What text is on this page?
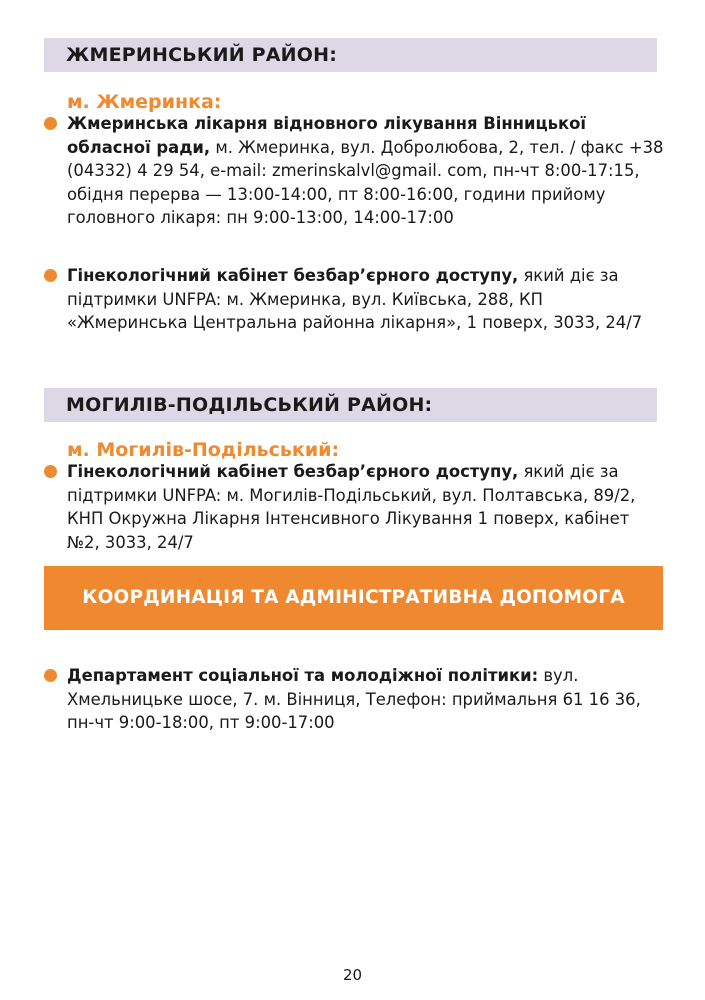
ЖМЕРИНСЬКИЙ РАЙОН:
м. Жмеринка:
Жмеринська лікарня відновного лікування Вінницької обласної ради, м. Жмеринка, вул. Добролюбова, 2, тел. / факс +38 (04332) 4 29 54, e-mail: zmerinskalvl@gmail. com, пн-чт 8:00-17:15, обідня перерва — 13:00-14:00, пт 8:00-16:00, години прийому головного лікаря: пн 9:00-13:00, 14:00-17:00
Гінекологічний кабінет безбар’єрного доступу, який діє за підтримки UNFPA: м. Жмеринка, вул. Київська, 288, КП «Жмеринська Центральна районна лікарня», 1 поверх, 3033, 24/7
МОГИЛІВ-ПОДІЛЬСЬКИЙ РАЙОН:
м. Могилів-Подільський:
Гінекологічний кабінет безбар’єрного доступу, який діє за підтримки UNFPA: м. Могилів-Подільський, вул. Полтавська, 89/2, КНП Окружна Лікарня Інтенсивного Лікування 1 поверх, кабінет №2, 3033, 24/7
КООРДИНАЦІЯ ТА АДМІНІСТРАТИВНА ДОПОМОГА
Департамент соціальної та молодіжної політики: вул. Хмельницьке шосе, 7. м. Вінниця, Телефон: приймальня 61 16 36, пн-чт 9:00-18:00, пт 9:00-17:00
20
